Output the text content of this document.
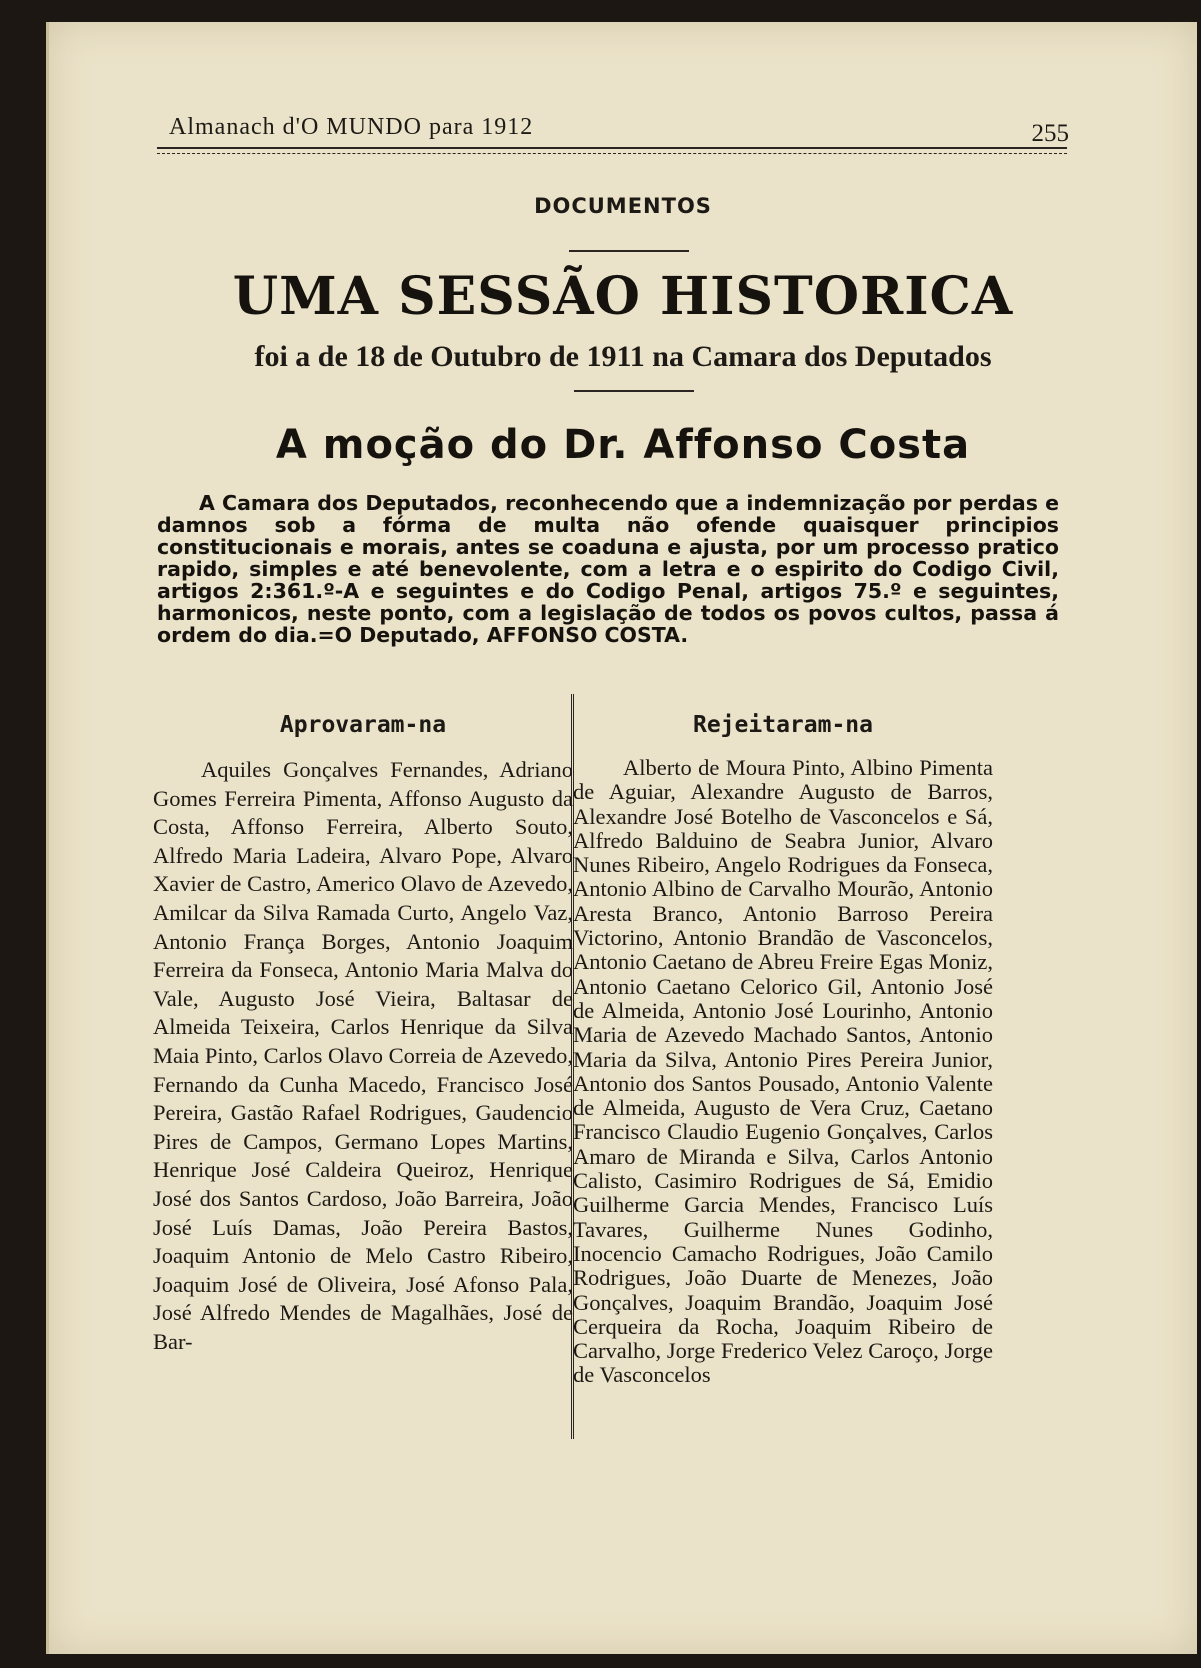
Almanach d'O MUNDO para 1912	255
DOCUMENTOS
UMA SESSÃO HISTORICA
foi a de 18 de Outubro de 1911 na Camara dos Deputados
A moção do Dr. Affonso Costa
A Camara dos Deputados, reconhecendo que a indemnização por perdas e damnos sob a fórma de multa não ofende quaisquer principios constitucionais e morais, antes se coaduna e ajusta, por um processo pratico rapido, simples e até benevolente, com a letra e o espirito do Codigo Civil, artigos 2:361.º-A e seguintes e do Codigo Penal, artigos 75.º e seguintes, harmonicos, neste ponto, com a legislação de todos os povos cultos, passa á ordem do dia.=O Deputado, AFFONSO COSTA.
Aprovaram-na
Aquiles Gonçalves Fernandes, Adriano Gomes Ferreira Pimenta, Affonso Augusto da Costa, Affonso Ferreira, Alberto Souto, Alfredo Maria Ladeira, Alvaro Pope, Alvaro Xavier de Castro, Americo Olavo de Azevedo, Amilcar da Silva Ramada Curto, Angelo Vaz, Antonio França Borges, Antonio Joaquim Ferreira da Fonseca, Antonio Maria Malva do Vale, Augusto José Vieira, Baltasar de Almeida Teixeira, Carlos Henrique da Silva Maia Pinto, Carlos Olavo Correia de Azevedo, Fernando da Cunha Macedo, Francisco José Pereira, Gastão Rafael Rodrigues, Gaudencio Pires de Campos, Germano Lopes Martins, Henrique José Caldeira Queiroz, Henrique José dos Santos Cardoso, João Barreira, João José Luís Damas, João Pereira Bastos, Joaquim Antonio de Melo Castro Ribeiro, Joaquim José de Oliveira, José Afonso Pala, José Alfredo Mendes de Magalhães, José de Bar-
Rejeitaram-na
Alberto de Moura Pinto, Albino Pimenta de Aguiar, Alexandre Augusto de Barros, Alexandre José Botelho de Vasconcelos e Sá, Alfredo Balduino de Seabra Junior, Alvaro Nunes Ribeiro, Angelo Rodrigues da Fonseca, Antonio Albino de Carvalho Mourão, Antonio Aresta Branco, Antonio Barroso Pereira Victorino, Antonio Brandão de Vasconcelos, Antonio Caetano de Abreu Freire Egas Moniz, Antonio Caetano Celorico Gil, Antonio José de Almeida, Antonio José Lourinho, Antonio Maria de Azevedo Machado Santos, Antonio Maria da Silva, Antonio Pires Pereira Junior, Antonio dos Santos Pousado, Antonio Valente de Almeida, Augusto de Vera Cruz, Caetano Francisco Claudio Eugenio Gonçalves, Carlos Amaro de Miranda e Silva, Carlos Antonio Calisto, Casimiro Rodrigues de Sá, Emidio Guilherme Garcia Mendes, Francisco Luís Tavares, Guilherme Nunes Godinho, Inocencio Camacho Rodrigues, João Camilo Rodrigues, João Duarte de Menezes, João Gonçalves, Joaquim Brandão, Joaquim José Cerqueira da Rocha, Joaquim Ribeiro de Carvalho, Jorge Frederico Velez Caroço, Jorge de Vasconcelos
